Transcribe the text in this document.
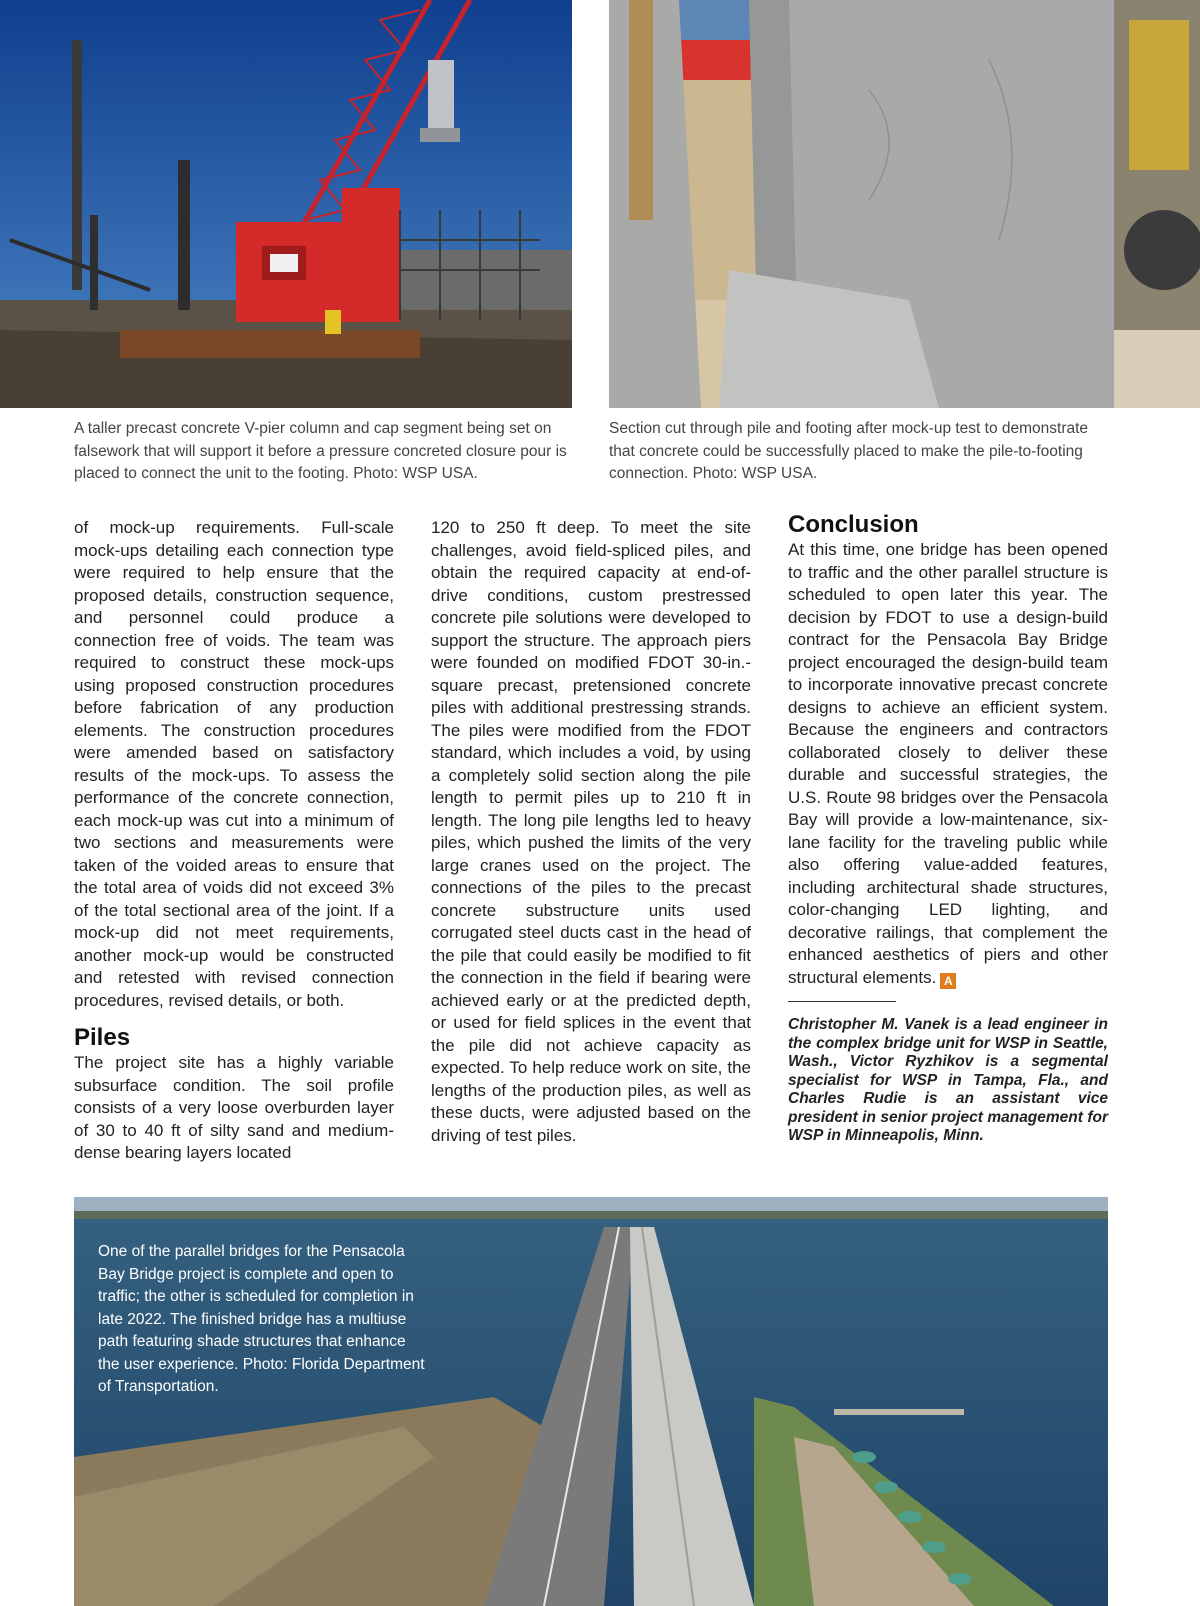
A taller precast concrete V-pier column and cap segment being set on falsework that will support it before a pressure concreted closure pour is placed to connect the unit to the footing. Photo: WSP USA.

Section cut through pile and footing after mock-up test to demonstrate that concrete could be successfully placed to make the pile-to-footing connection. Photo: WSP USA.

of mock-up requirements. Full-scale mock-ups detailing each connection type were required to help ensure that the proposed details, construction sequence, and personnel could produce a connection free of voids. The team was required to construct these mock-ups using proposed construction procedures before fabrication of any production elements. The construction procedures were amended based on satisfactory results of the mock-ups. To assess the performance of the concrete connection, each mock-up was cut into a minimum of two sections and measurements were taken of the voided areas to ensure that the total area of voids did not exceed 3% of the total sectional area of the joint. If a mock-up did not meet requirements, another mock-up would be constructed and retested with revised connection procedures, revised details, or both.

Piles

The project site has a highly variable subsurface condition. The soil profile consists of a very loose overburden layer of 30 to 40 ft of silty sand and medium-dense bearing layers located

120 to 250 ft deep. To meet the site challenges, avoid field-spliced piles, and obtain the required capacity at end-of-drive conditions, custom prestressed concrete pile solutions were developed to support the structure. The approach piers were founded on modified FDOT 30-in.-square precast, pretensioned concrete piles with additional prestressing strands. The piles were modified from the FDOT standard, which includes a void, by using a completely solid section along the pile length to permit piles up to 210 ft in length. The long pile lengths led to heavy piles, which pushed the limits of the very large cranes used on the project. The connections of the piles to the precast concrete substructure units used corrugated steel ducts cast in the head of the pile that could easily be modified to fit the connection in the field if bearing were achieved early or at the predicted depth, or used for field splices in the event that the pile did not achieve capacity as expected. To help reduce work on site, the lengths of the production piles, as well as these ducts, were adjusted based on the driving of test piles.

Conclusion

At this time, one bridge has been opened to traffic and the other parallel structure is scheduled to open later this year. The decision by FDOT to use a design-build contract for the Pensacola Bay Bridge project encouraged the design-build team to incorporate innovative precast concrete designs to achieve an efficient system. Because the engineers and contractors collaborated closely to deliver these durable and successful strategies, the U.S. Route 98 bridges over the Pensacola Bay will provide a low-maintenance, six-lane facility for the traveling public while also offering value-added features, including architectural shade structures, color-changing LED lighting, and decorative railings, that complement the enhanced aesthetics of piers and other structural elements. A

Christopher M. Vanek is a lead engineer in the complex bridge unit for WSP in Seattle, Wash., Victor Ryzhikov is a segmental specialist for WSP in Tampa, Fla., and Charles Rudie is an assistant vice president in senior project management for WSP in Minneapolis, Minn.

One of the parallel bridges for the Pensacola Bay Bridge project is complete and open to traffic; the other is scheduled for completion in late 2022. The finished bridge has a multiuse path featuring shade structures that enhance the user experience. Photo: Florida Department of Transportation.
